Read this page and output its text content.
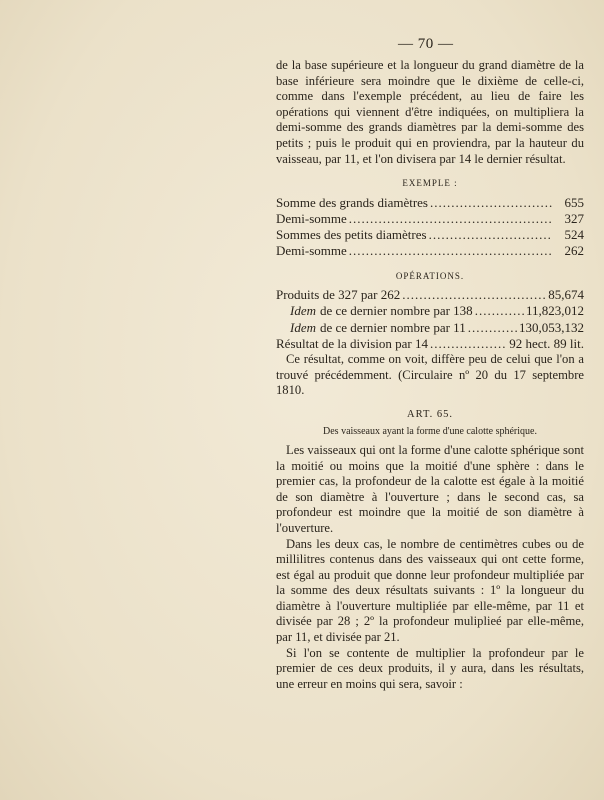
— 70 —

de la base supérieure et la longueur du grand diamètre de la base inférieure sera moindre que le dixième de celle-ci, comme dans l'exemple précédent, au lieu de faire les opérations qui viennent d'être indiquées, on multipliera la demi-somme des grands diamètres par la demi-somme des petits ; puis le produit qui en proviendra, par la hauteur du vaisseau, par 11, et l'on divisera par 14 le dernier résultat.

EXEMPLE :
Somme des grands diamètres .....	655
Demi-somme .....	327
Sommes des petits diamètres .....	524
Demi-somme .....	262
OPÉRATIONS.
Produits de 327 par 262 .....	85,674
Idem de ce dernier nombre par 138 .....	11,823,012
Idem de ce dernier nombre par 11 .....	130,053,132
Résultat de la division par 14 .....	92 hect. 89 lit.

Ce résultat, comme on voit, diffère peu de celui que l'on a trouvé précédemment. (Circulaire nº 20 du 17 septembre 1810.

ART. 65.
Des vaisseaux ayant la forme d'une calotte sphérique.

Les vaisseaux qui ont la forme d'une calotte sphérique sont la moitié ou moins que la moitié d'une sphère : dans le premier cas, la profondeur de la calotte est égale à la moitié de son diamètre à l'ouverture ; dans le second cas, sa profondeur est moindre que la moitié de son diamètre à l'ouverture.

Dans les deux cas, le nombre de centimètres cubes ou de millilitres contenus dans des vaisseaux qui ont cette forme, est égal au produit que donne leur profondeur multipliée par la somme des deux résultats suivants : 1º la longueur du diamètre à l'ouverture multipliée par elle-même, par 11 et divisée par 28 ; 2º la profondeur muliplieé par elle-même, par 11, et divisée par 21.

Si l'on se contente de multiplier la profondeur par le premier de ces deux produits, il y aura, dans les résultats, une erreur en moins qui sera, savoir :
